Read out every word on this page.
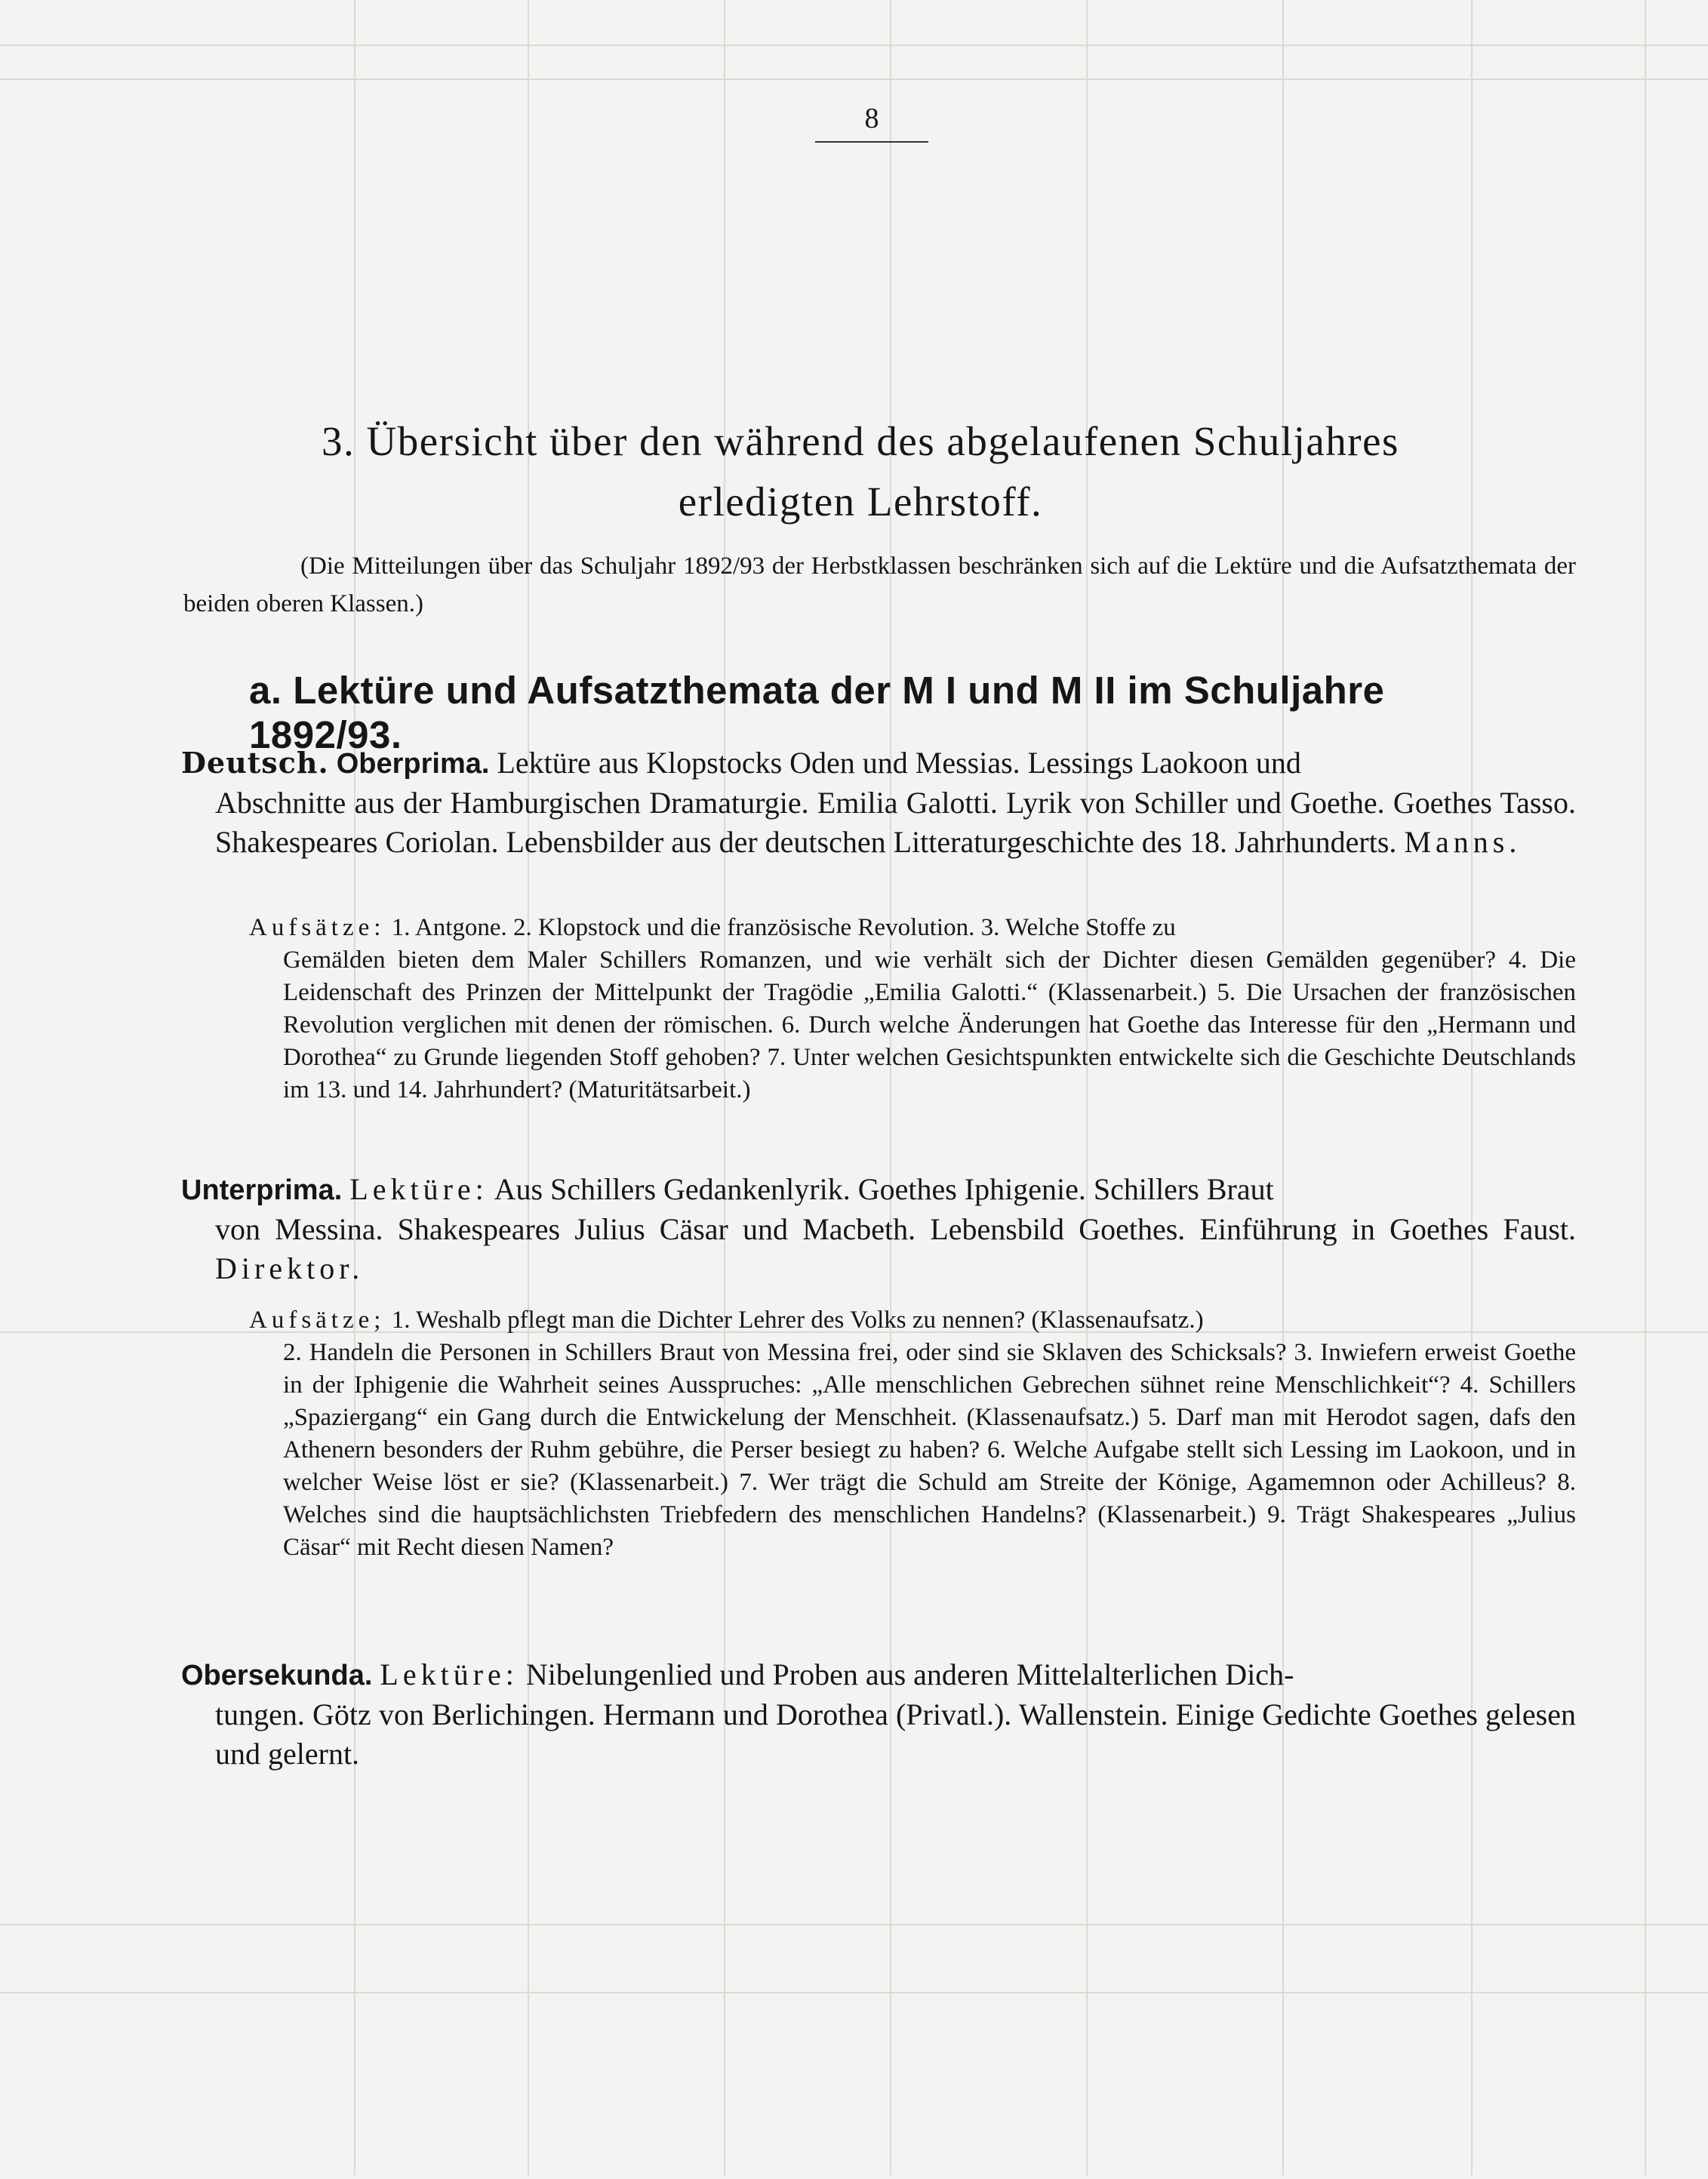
8
3. Übersicht über den während des abgelaufenen Schuljahres
erledigten Lehrstoff.
(Die Mitteilungen über das Schuljahr 1892/93 der Herbstklassen beschränken sich auf die Lektüre und die Aufsatzthemata der beiden oberen Klassen.)
a. Lektüre und Aufsatzthemata der M I und M II im Schuljahre 1892/93.
Deutsch. Oberprima. Lektüre aus Klopstocks Oden und Messias. Lessings Laokoon und
Abschnitte aus der Hamburgischen Dramaturgie. Emilia Galotti. Lyrik von Schiller und Goethe. Goethes Tasso. Shakespeares Coriolan. Lebensbilder aus der deutschen Litteraturgeschichte des 18. Jahrhunderts. Manns.
Aufsätze: 1. Antgone. 2. Klopstock und die französische Revolution. 3. Welche Stoffe zu
Gemälden bieten dem Maler Schillers Romanzen, und wie verhält sich der Dichter diesen Gemälden gegenüber? 4. Die Leidenschaft des Prinzen der Mittelpunkt der Tragödie „Emilia Galotti.“ (Klassenarbeit.) 5. Die Ursachen der französischen Revolution verglichen mit denen der römischen. 6. Durch welche Änderungen hat Goethe das Interesse für den „Hermann und Dorothea“ zu Grunde liegenden Stoff gehoben? 7. Unter welchen Gesichtspunkten entwickelte sich die Geschichte Deutschlands im 13. und 14. Jahrhundert? (Maturitätsarbeit.)
Unterprima. Lektüre: Aus Schillers Gedankenlyrik. Goethes Iphigenie. Schillers Braut
von Messina. Shakespeares Julius Cäsar und Macbeth. Lebensbild Goethes. Einführung in Goethes Faust. Direktor.
Aufsätze; 1. Weshalb pflegt man die Dichter Lehrer des Volks zu nennen? (Klassenaufsatz.)
2. Handeln die Personen in Schillers Braut von Messina frei, oder sind sie Sklaven des Schicksals? 3. Inwiefern erweist Goethe in der Iphigenie die Wahrheit seines Ausspruches: „Alle menschlichen Gebrechen sühnet reine Menschlichkeit“? 4. Schillers „Spaziergang“ ein Gang durch die Entwickelung der Menschheit. (Klassenaufsatz.) 5. Darf man mit Herodot sagen, dafs den Athenern besonders der Ruhm gebühre, die Perser besiegt zu haben? 6. Welche Aufgabe stellt sich Lessing im Laokoon, und in welcher Weise löst er sie? (Klassenarbeit.) 7. Wer trägt die Schuld am Streite der Könige, Agamemnon oder Achilleus? 8. Welches sind die hauptsächlichsten Triebfedern des menschlichen Handelns? (Klassenarbeit.) 9. Trägt Shakespeares „Julius Cäsar“ mit Recht diesen Namen?
Obersekunda. Lektüre: Nibelungenlied und Proben aus anderen Mittelalterlichen Dich-
tungen. Götz von Berlichingen. Hermann und Dorothea (Privatl.). Wallenstein. Einige Gedichte Goethes gelesen und gelernt.
